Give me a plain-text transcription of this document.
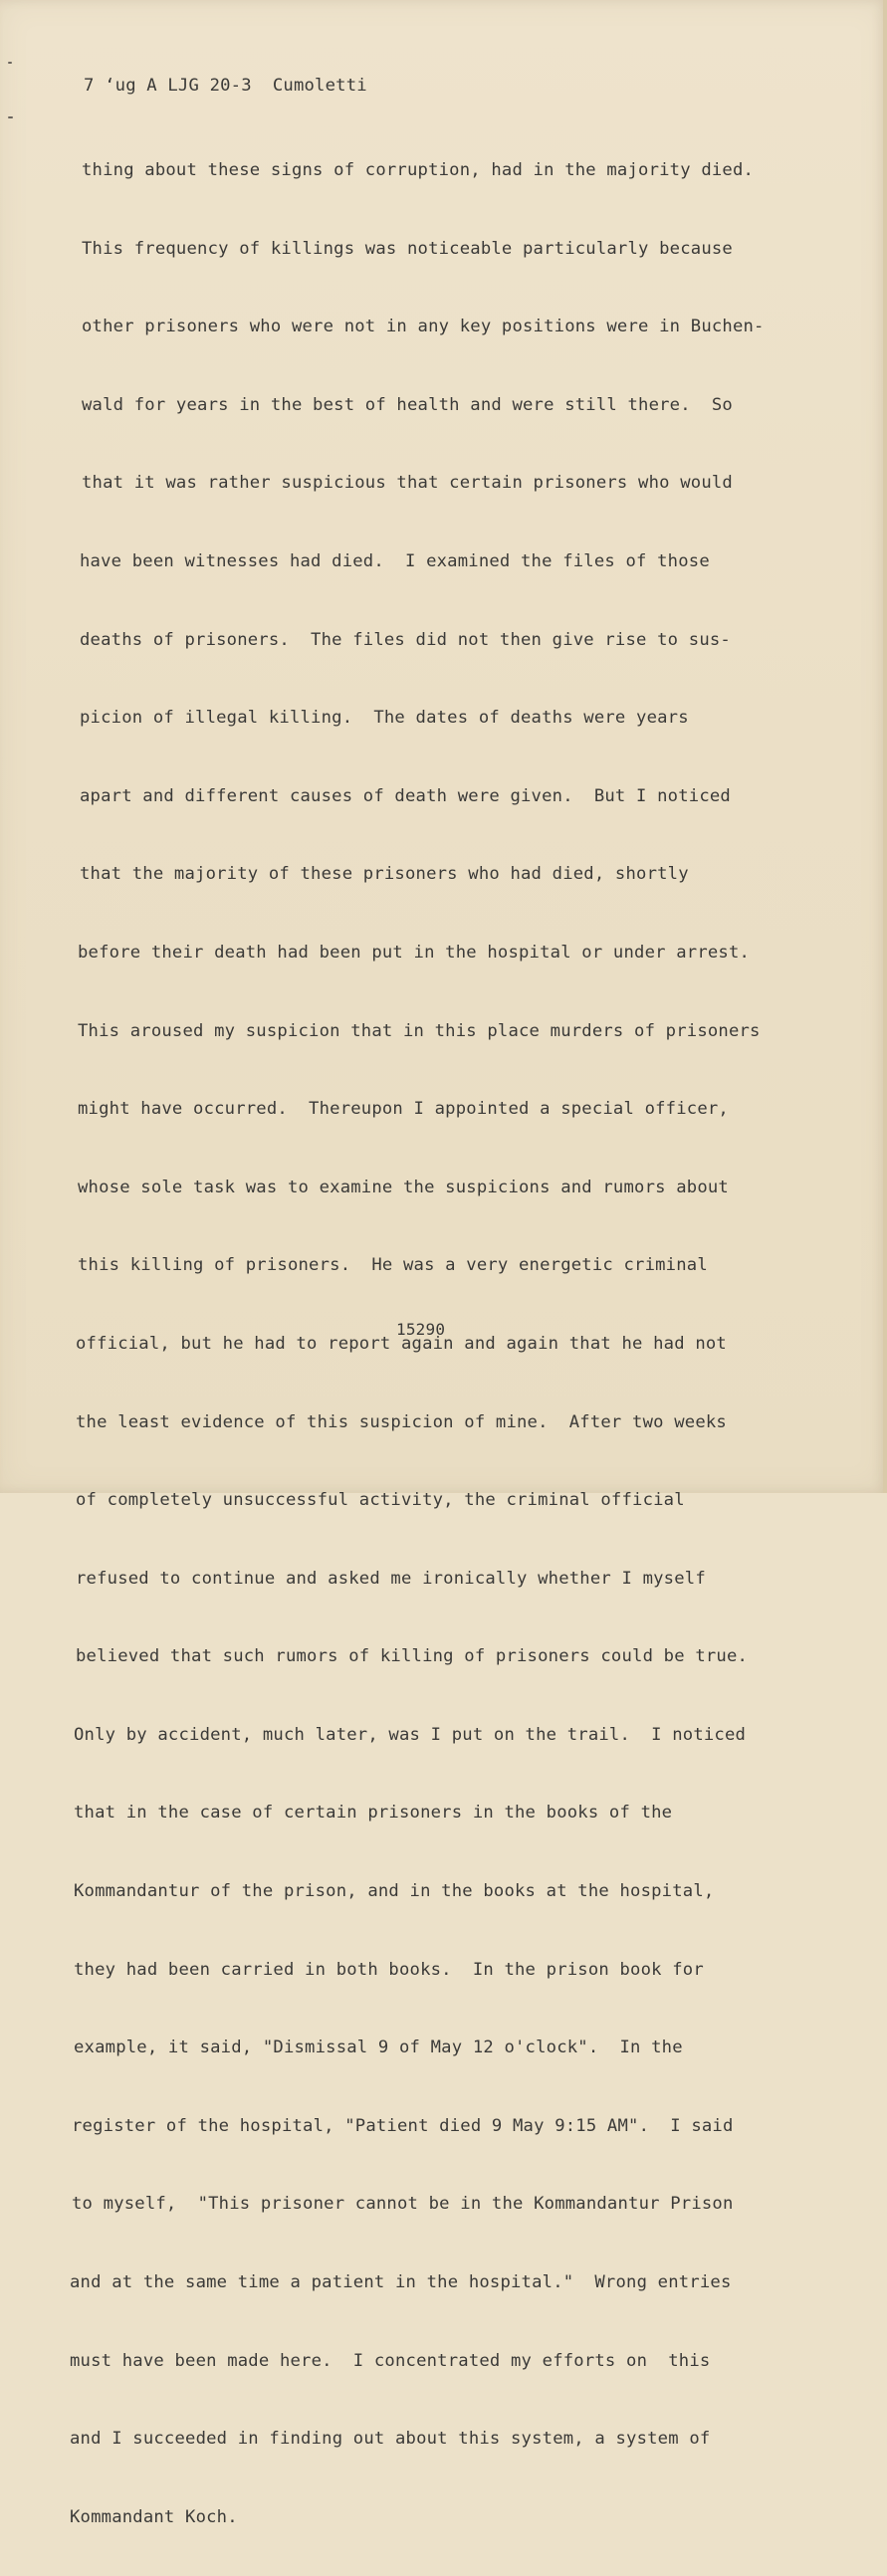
7 ‘ug A LJG 20-3  Cumoletti

thing about these signs of corruption, had in the majority died.

This frequency of killings was noticeable particularly because

other prisoners who were not in any key positions were in Buchen-

wald for years in the best of health and were still there.  So

that it was rather suspicious that certain prisoners who would

have been witnesses had died.  I examined the files of those

deaths of prisoners.  The files did not then give rise to sus-

picion of illegal killing.  The dates of deaths were years

apart and different causes of death were given.  But I noticed

that the majority of these prisoners who had died, shortly

before their death had been put in the hospital or under arrest.

This aroused my suspicion that in this place murders of prisoners

might have occurred.  Thereupon I appointed a special officer,

whose sole task was to examine the suspicions and rumors about

this killing of prisoners.  He was a very energetic criminal

official, but he had to report again and again that he had not

the least evidence of this suspicion of mine.  After two weeks

of completely unsuccessful activity, the criminal official

refused to continue and asked me ironically whether I myself

believed that such rumors of killing of prisoners could be true.

Only by accident, much later, was I put on the trail.  I noticed

that in the case of certain prisoners in the books of the

Kommandantur of the prison, and in the books at the hospital,

they had been carried in both books.  In the prison book for

example, it said, "Dismissal 9 of May 12 o'clock".  In the

register of the hospital, "Patient died 9 May 9:15 AM".  I said

to myself,  "This prisoner cannot be in the Kommandantur Prison

and at the same time a patient in the hospital."  Wrong entries

must have been made here.  I concentrated my efforts on  this

and I succeeded in finding out about this system, a system of

Kommandant Koch.

15290
